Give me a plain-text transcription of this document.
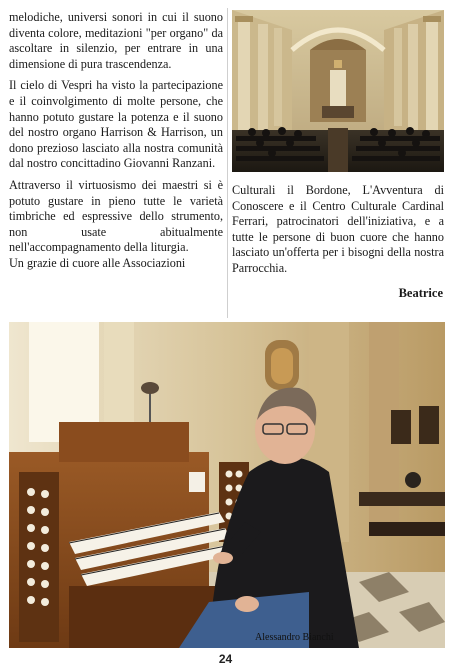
melodiche, universi sonori in cui il suono diventa colore, meditazioni "per organo" da ascoltare in silenzio, per entrare in una dimensione di pura trascendenza.

Il cielo di Vespri ha visto la partecipazione e il coinvolgimento di molte persone, che hanno potuto gustare la potenza e il suono del nostro organo Harrison & Harrison, un dono prezioso lasciato alla nostra comunità dal nostro concittadino Giovanni Ranzani.

Attraverso il virtuosismo dei maestri si è potuto gustare in pieno tutte le varietà timbriche ed espressive dello strumento, non usate abitualmente nell'accompagnamento della liturgia.

Un grazie di cuore alle Associazioni

Culturali il Bordone, L'Avventura di Conoscere e il Centro Culturale Cardinal Ferrari, patrocinatori dell'iniziativa, e a tutte le persone di buon cuore che hanno lasciato un'offerta per i bisogni della nostra Parrocchia.

Beatrice
Alessandro Bianchi
24
